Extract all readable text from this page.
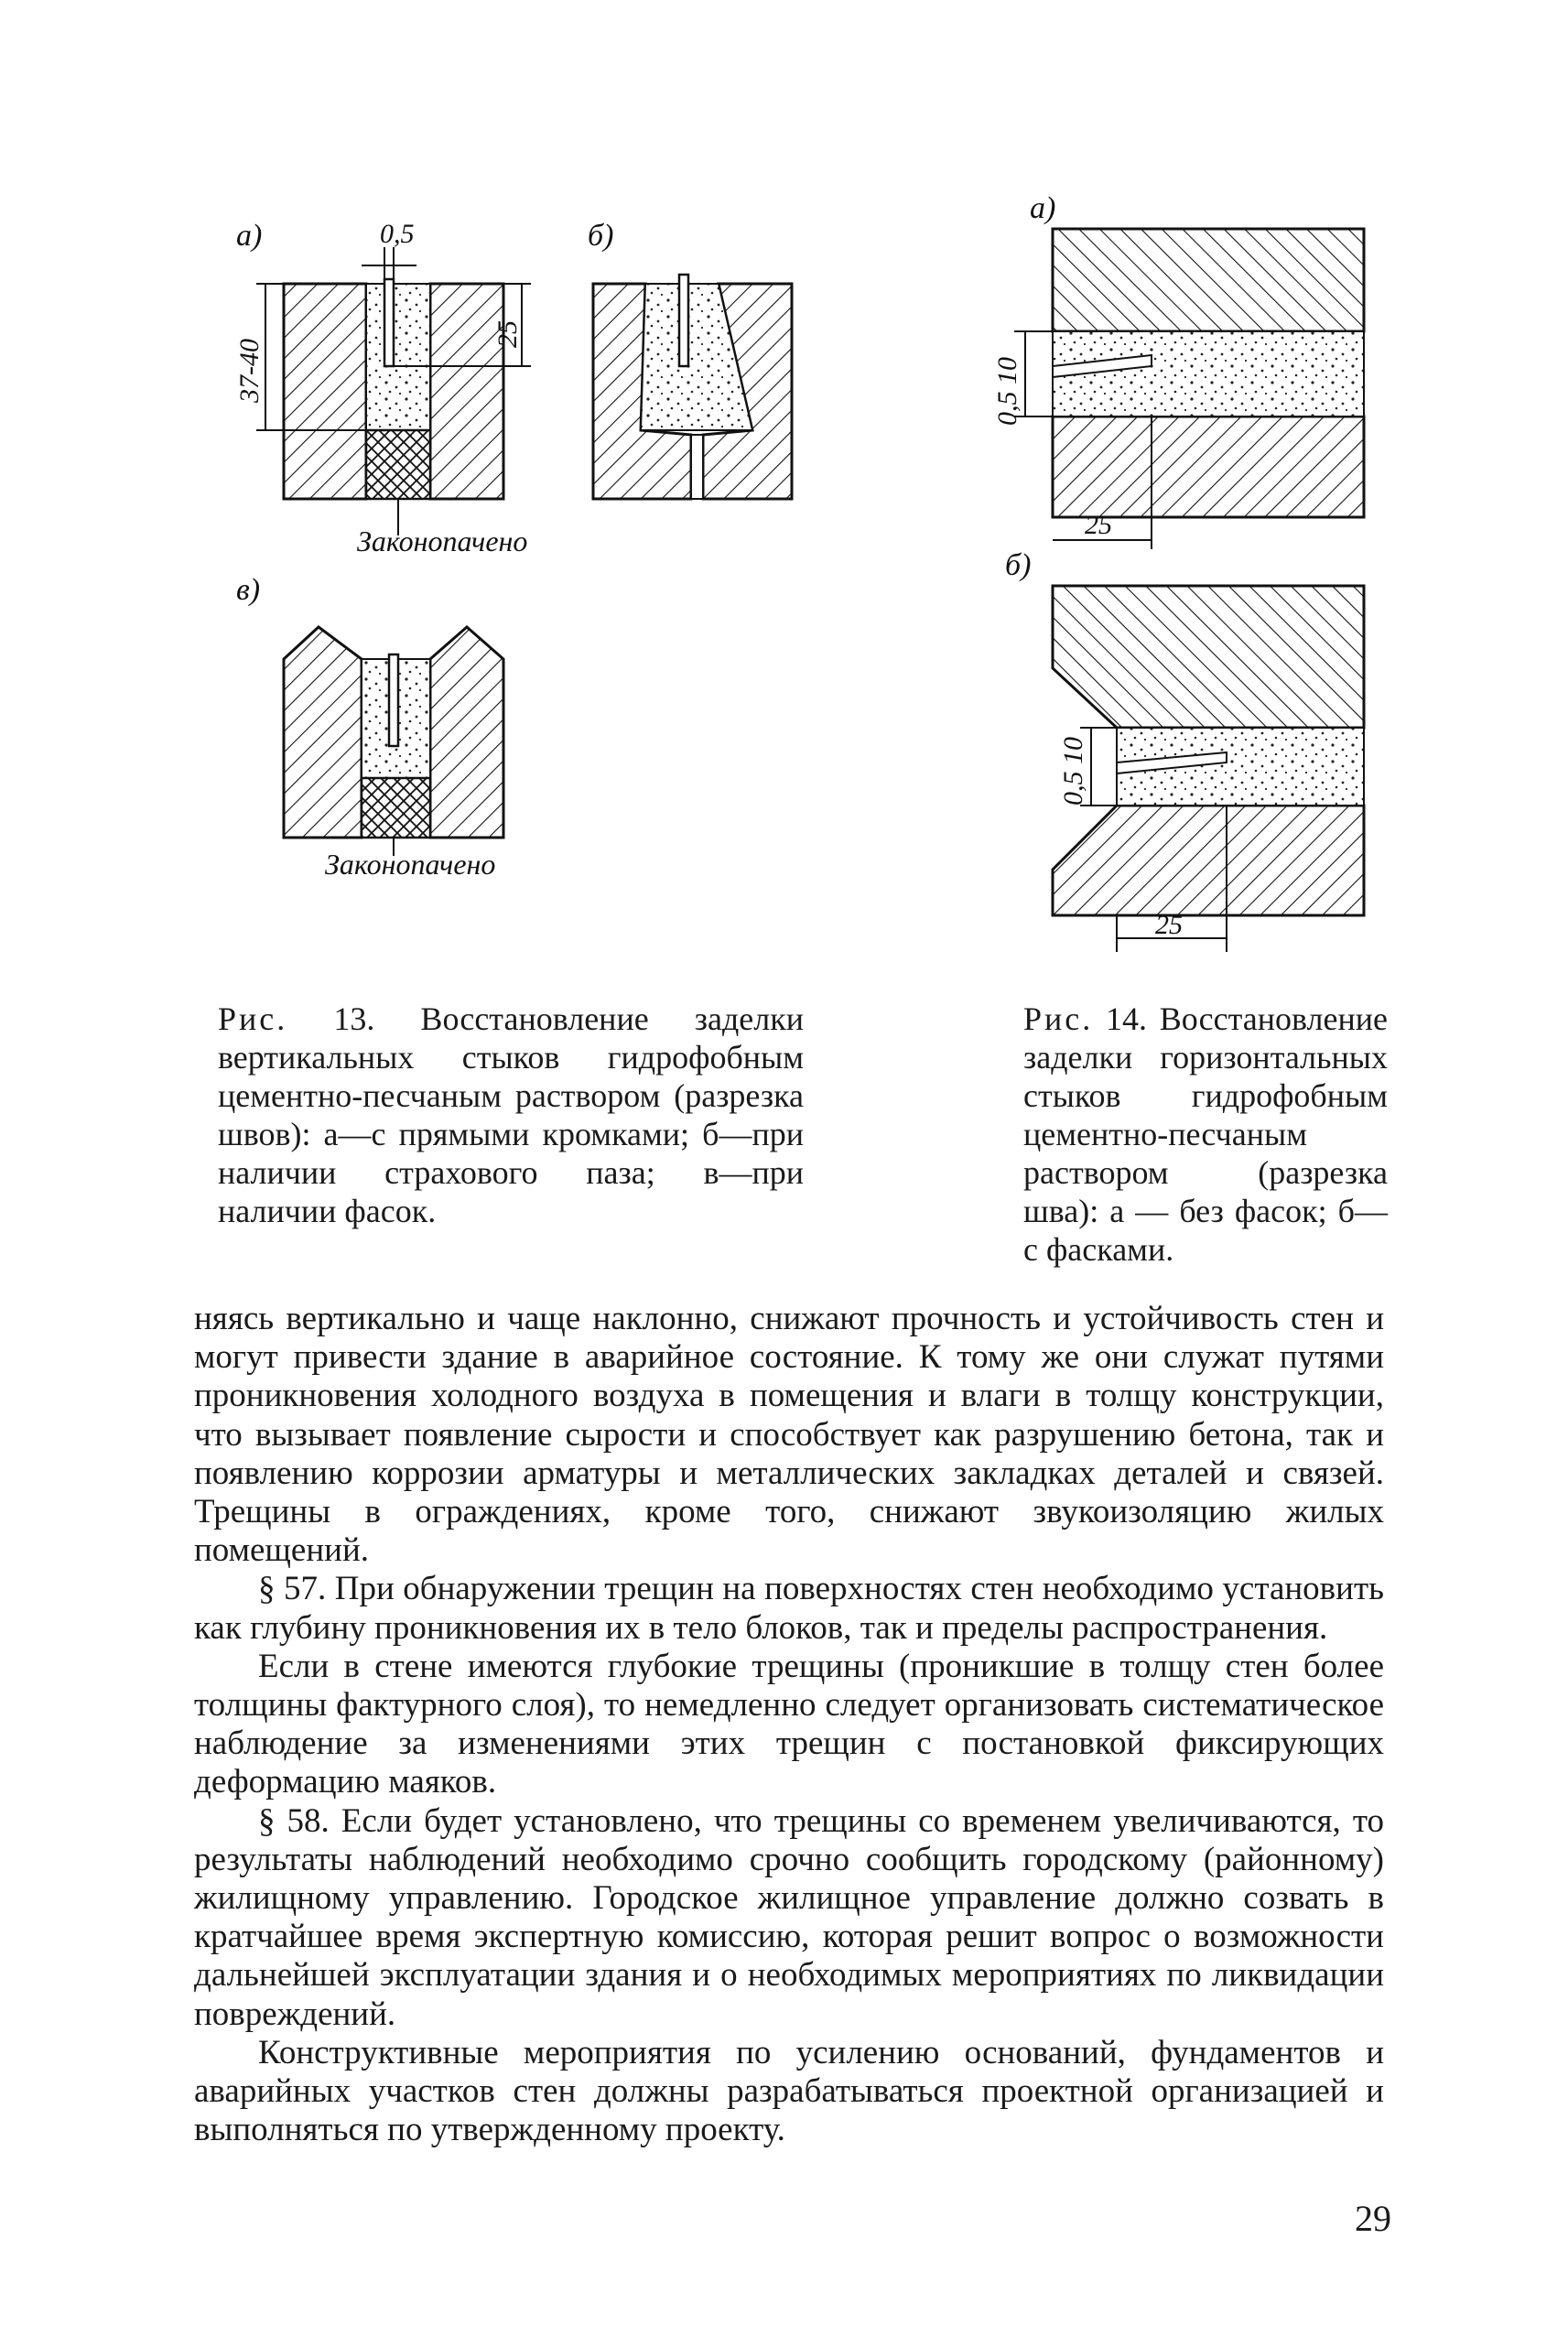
а)	0,5
37-40
25
Законопачено
б)
в)
Законопачено
а)
0,5 10
25
б)
0,5 10
25
Рис. 13. Восстановление заделки вертикальных стыков гидрофобным цементно-песчаным раствором (разрезка швов): а—с прямыми кромками; б—при наличии страхового паза; в—при наличии фасок.
Рис. 14. Восстановление заделки горизонтальных стыков гидрофобным цементно-песчаным раствором (разрезка шва): а — без фасок; б—с фасками.

няясь вертикально и чаще наклонно, снижают прочность и устойчивость стен и могут привести здание в аварийное состояние. К тому же они служат путями проникновения холодного воздуха в помещения и влаги в толщу конструкции, что вызывает появление сырости и способствует как разрушению бетона, так и появлению коррозии арматуры и металлических закладках деталей и связей. Трещины в ограждениях, кроме того, снижают звукоизоляцию жилых помещений.

§ 57. При обнаружении трещин на поверхностях стен необходимо установить как глубину проникновения их в тело блоков, так и пределы распространения.

Если в стене имеются глубокие трещины (проникшие в толщу стен более толщины фактурного слоя), то немедленно следует организовать систематическое наблюдение за изменениями этих трещин с постановкой фиксирующих деформацию маяков.

§ 58. Если будет установлено, что трещины со временем увеличиваются, то результаты наблюдений необходимо срочно сообщить городскому (районному) жилищному управлению. Городское жилищное управление должно созвать в кратчайшее время экспертную комиссию, которая решит вопрос о возможности дальнейшей эксплуатации здания и о необходимых мероприятиях по ликвидации повреждений.

Конструктивные мероприятия по усилению оснований, фундаментов и аварийных участков стен должны разрабатываться проектной организацией и выполняться по утвержденному проекту.

29
